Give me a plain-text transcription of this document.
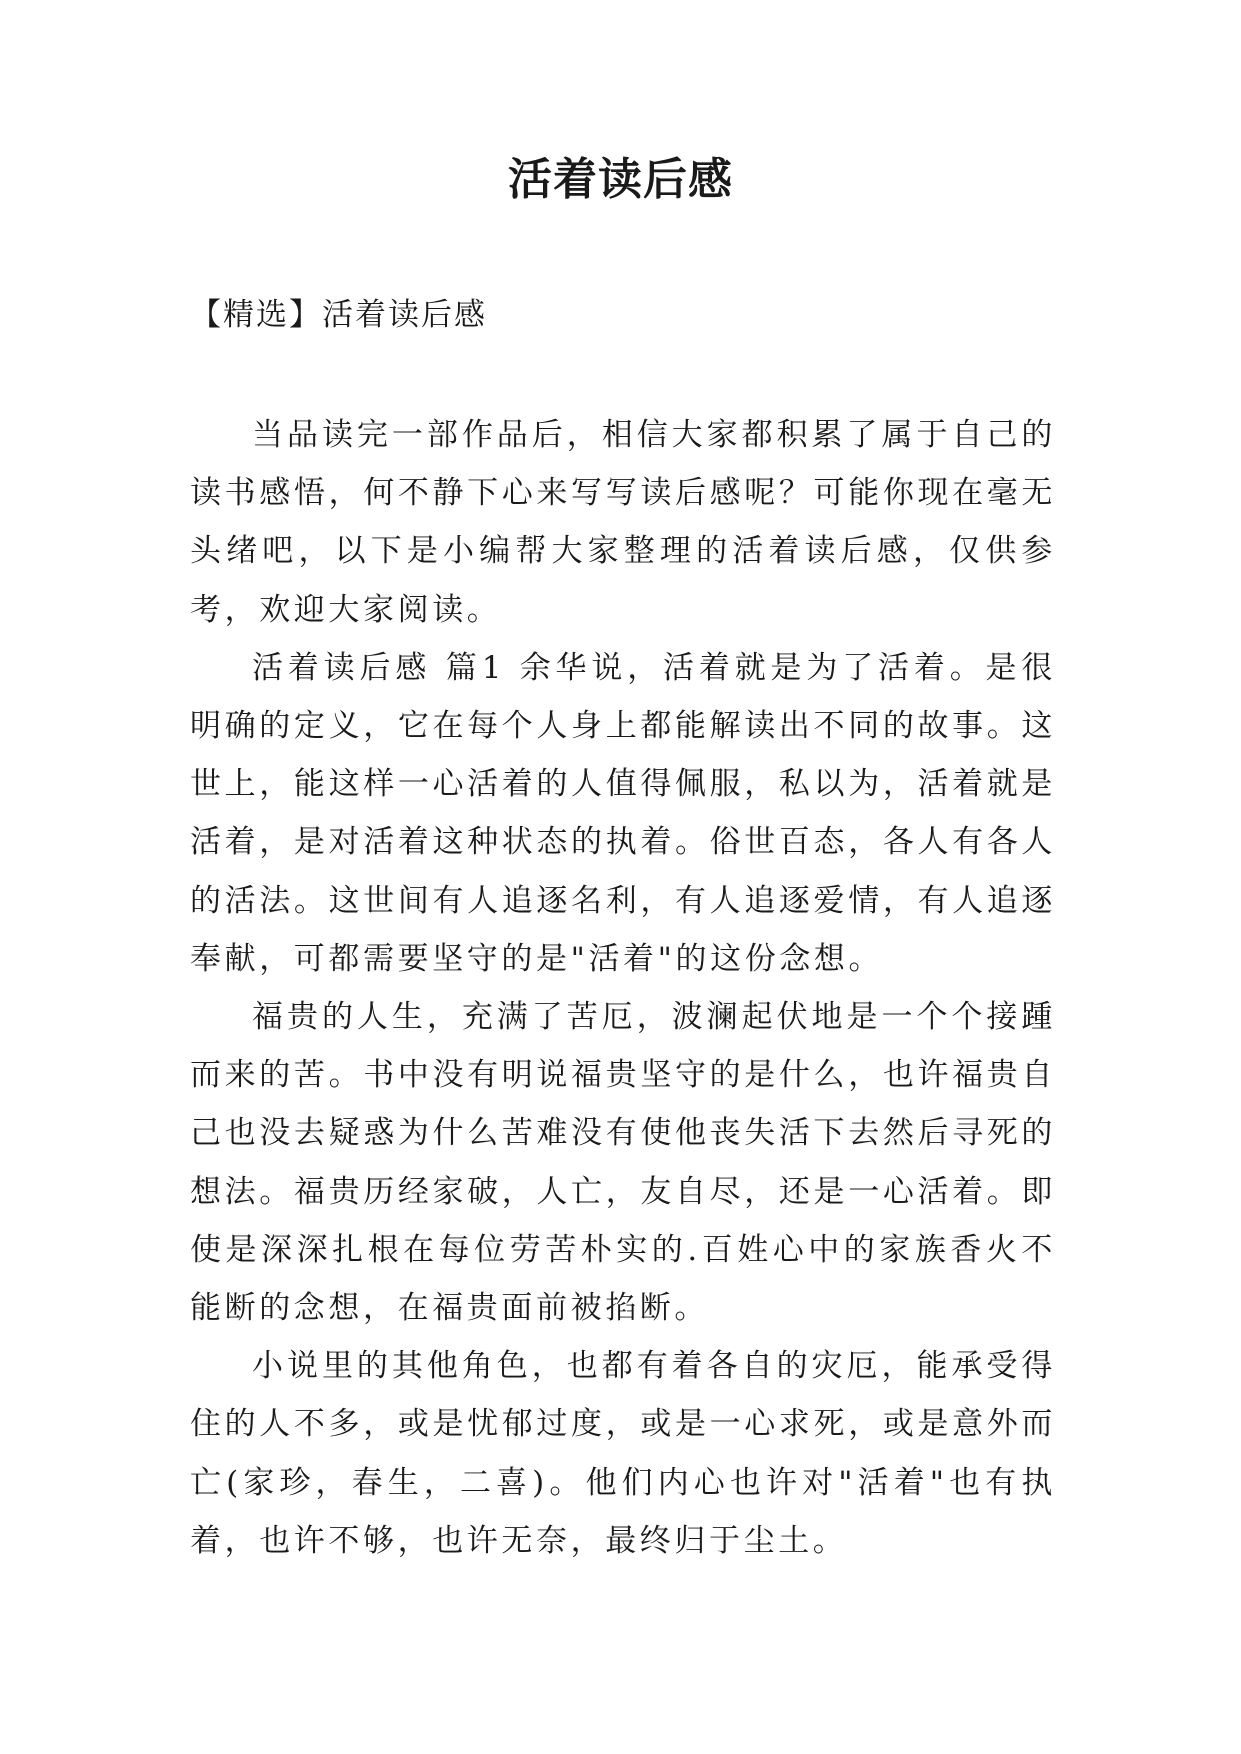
活着读后感

【精选】活着读后感

当品读完一部作品后，相信大家都积累了属于自己的读书感悟，何不静下心来写写读后感呢？可能你现在毫无头绪吧，以下是小编帮大家整理的活着读后感，仅供参考，欢迎大家阅读。

活着读后感 篇1 余华说，活着就是为了活着。是很明确的定义，它在每个人身上都能解读出不同的故事。这世上，能这样一心活着的人值得佩服，私以为，活着就是活着，是对活着这种状态的执着。俗世百态，各人有各人的活法。这世间有人追逐名利，有人追逐爱情，有人追逐奉献，可都需要坚守的是"活着"的这份念想。

福贵的人生，充满了苦厄，波澜起伏地是一个个接踵而来的苦。书中没有明说福贵坚守的是什么，也许福贵自己也没去疑惑为什么苦难没有使他丧失活下去然后寻死的想法。福贵历经家破，人亡，友自尽，还是一心活着。即使是深深扎根在每位劳苦朴实的.百姓心中的家族香火不能断的念想，在福贵面前被掐断。

小说里的其他角色，也都有着各自的灾厄，能承受得住的人不多，或是忧郁过度，或是一心求死，或是意外而亡(家珍，春生，二喜)。他们内心也许对"活着"也有执着，也许不够，也许无奈，最终归于尘土。
